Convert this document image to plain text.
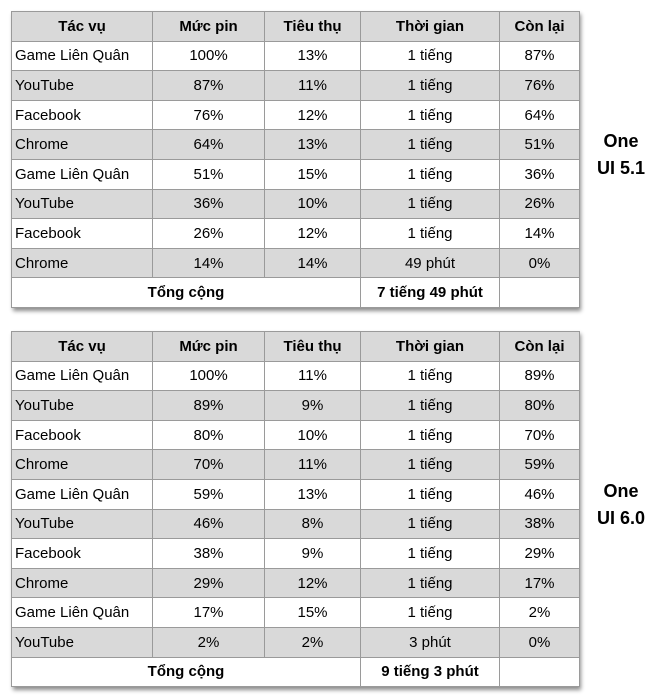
Tác vụ	Mức pin	Tiêu thụ	Thời gian	Còn lại
Game Liên Quân	100%	13%	1 tiếng	87%
YouTube	87%	11%	1 tiếng	76%
Facebook	76%	12%	1 tiếng	64%
Chrome	64%	13%	1 tiếng	51%
Game Liên Quân	51%	15%	1 tiếng	36%
YouTube	36%	10%	1 tiếng	26%
Facebook	26%	12%	1 tiếng	14%
Chrome	14%	14%	49 phút	0%
Tổng cộng			7 tiếng 49 phút	
One
UI 5.1
Tác vụ	Mức pin	Tiêu thụ	Thời gian	Còn lại
Game Liên Quân	100%	11%	1 tiếng	89%
YouTube	89%	9%	1 tiếng	80%
Facebook	80%	10%	1 tiếng	70%
Chrome	70%	11%	1 tiếng	59%
Game Liên Quân	59%	13%	1 tiếng	46%
YouTube	46%	8%	1 tiếng	38%
Facebook	38%	9%	1 tiếng	29%
Chrome	29%	12%	1 tiếng	17%
Game Liên Quân	17%	15%	1 tiếng	2%
YouTube	2%	2%	3 phút	0%
Tổng cộng			9 tiếng 3 phút	
One
UI 6.0
